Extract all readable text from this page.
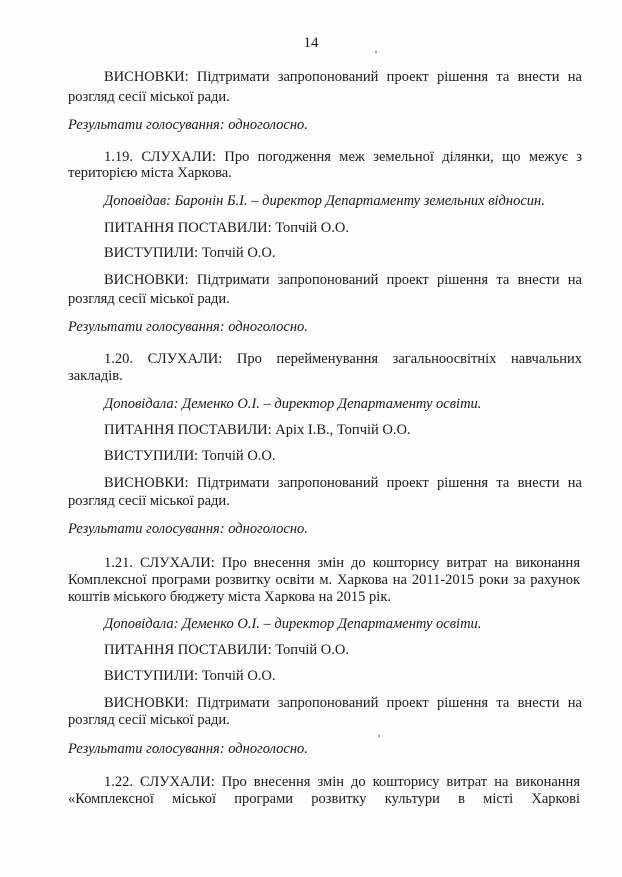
14
ВИСНОВКИ: Підтримати запропонований проект рішення та внести на
розгляд сесії міської ради.
Результати голосування: одноголосно.
1.19. СЛУХАЛИ: Про погодження меж земельної ділянки, що межує з
територією міста Харкова.
Доповідав: Баронін Б.І. – директор Департаменту земельних відносин.
ПИТАННЯ ПОСТАВИЛИ: Топчій О.О.
ВИСТУПИЛИ: Топчій О.О.
ВИСНОВКИ: Підтримати запропонований проект рішення та внести на
розгляд сесії міської ради.
Результати голосування: одноголосно.
1.20. СЛУХАЛИ: Про перейменування загальноосвітніх навчальних
закладів.
Доповідала: Деменко О.І. – директор Департаменту освіти.
ПИТАННЯ ПОСТАВИЛИ: Аріх І.В., Топчій О.О.
ВИСТУПИЛИ: Топчій О.О.
ВИСНОВКИ: Підтримати запропонований проект рішення та внести на
розгляд сесії міської ради.
Результати голосування: одноголосно.
1.21. СЛУХАЛИ: Про внесення змін до кошторису витрат на виконання
Комплексної програми розвитку освіти м. Харкова на 2011-2015 роки за рахунок
коштів міського бюджету міста Харкова на 2015 рік.
Доповідала: Деменко О.І. – директор Департаменту освіти.
ПИТАННЯ ПОСТАВИЛИ: Топчій О.О.
ВИСТУПИЛИ: Топчій О.О.
ВИСНОВКИ: Підтримати запропонований проект рішення та внести на
розгляд сесії міської ради.
Результати голосування: одноголосно.
1.22. СЛУХАЛИ: Про внесення змін до кошторису витрат на виконання
«Комплексної міської програми розвитку культури в місті Харкові
